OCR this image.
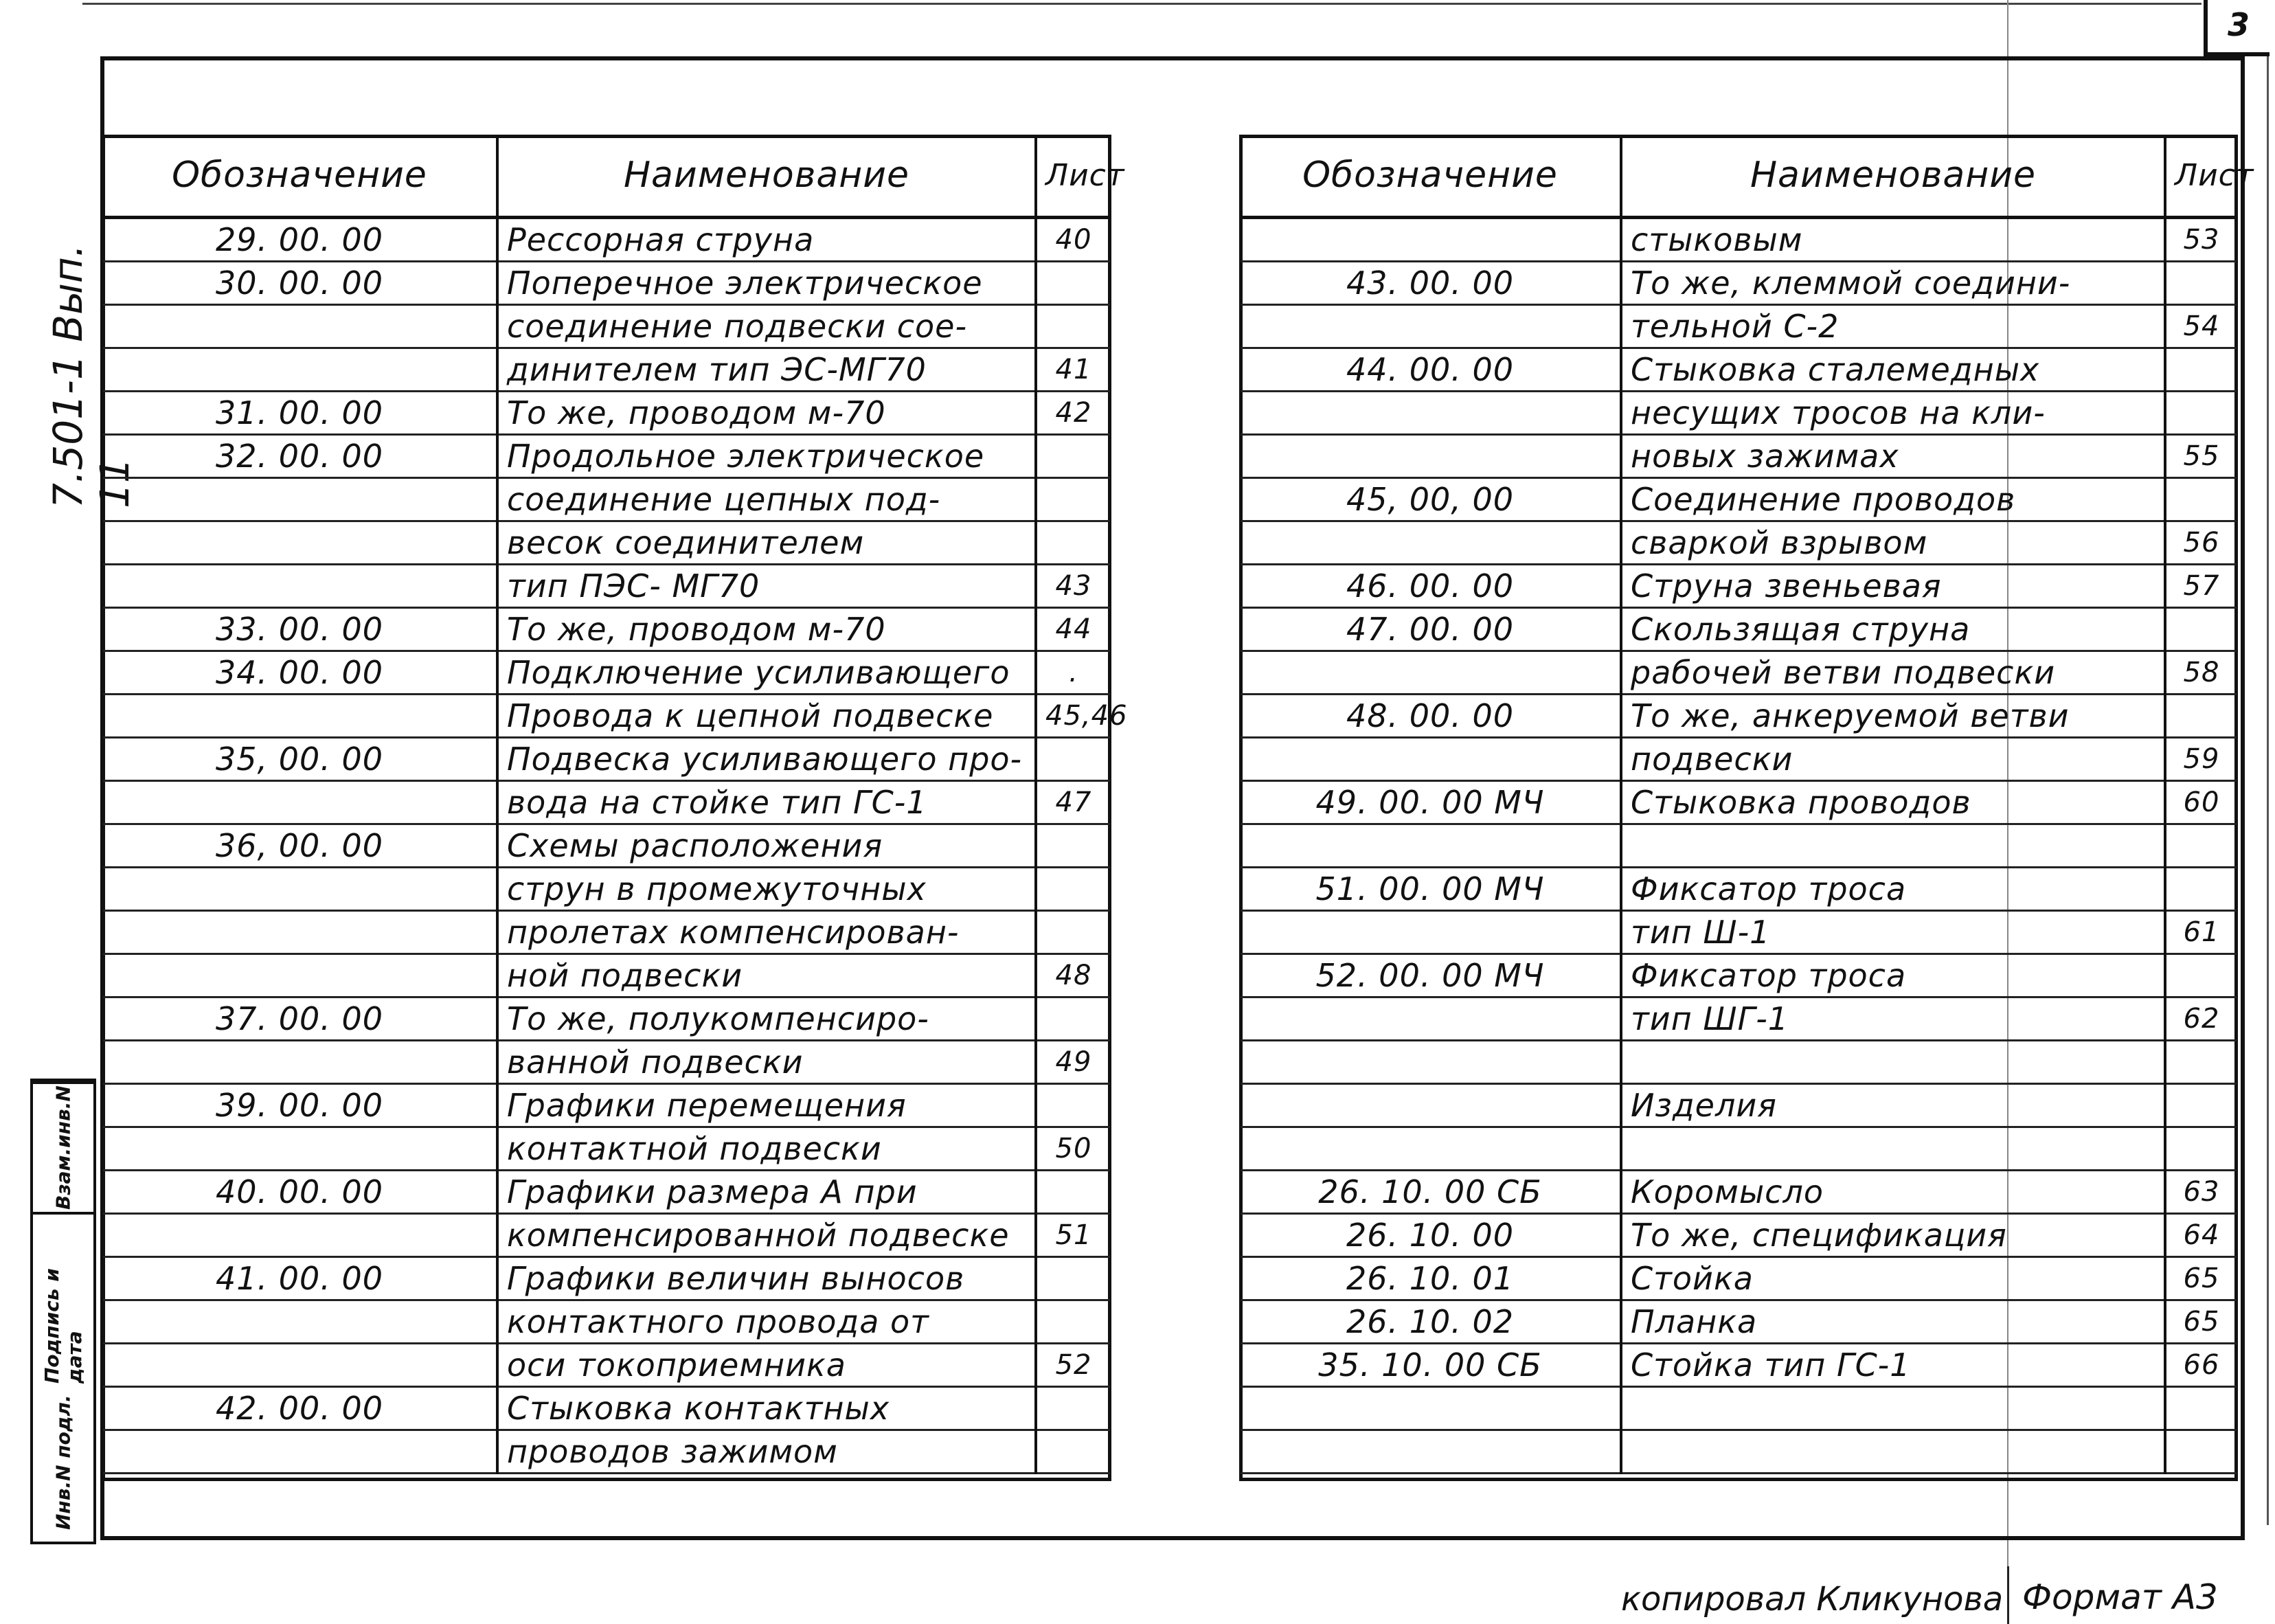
3
7.501-1 Вып. 11
Взам.инв.N
Подпись и дата
Инв.N подл.
Обозначение	Наименование	Лист
29. 00. 00	Рессорная струна	40
30. 00. 00	Поперечное электрическое	
	соединение подвески сое-	
	динителем тип ЭС-МГ70	41
31. 00. 00	То же, проводом м-70	42
32. 00. 00	Продольное электрическое	
	соединение цепных под-	
	весок соединителем	
	тип ПЭС- МГ70	43
33. 00. 00	То же, проводом м-70	44
34. 00. 00	Подключение усиливающего	.
	Провода к цепной подвеске	45,46
35, 00. 00	Подвеска усиливающего про-	
	вода на стойке тип ГС-1	47
36, 00. 00	Схемы расположения	
	струн в промежуточных	
	пролетах компенсирован-	
	ной подвески	48
37. 00. 00	То же, полукомпенсиро-	
	ванной подвески	49
39. 00. 00	Графики перемещения	
	контактной подвески	50
40. 00. 00	Графики размера А при	
	компенсированной подвеске	51
41. 00. 00	Графики величин выносов	
	контактного провода от	
	оси токоприемника	52
42. 00. 00	Стыковка контактных	
	проводов зажимом	
Обозначение	Наименование	Лист
	стыковым	53
43. 00. 00	То же, клеммой соедини-	
	тельной С-2	54
44. 00. 00	Стыковка сталемедных	
	несущих тросов на кли-	
	новых зажимах	55
45, 00, 00	Соединение проводов	
	сваркой взрывом	56
46. 00. 00	Струна звеньевая	57
47. 00. 00	Скользящая струна	
	рабочей ветви подвески	58
48. 00. 00	То же, анкеруемой ветви	
	подвески	59
49. 00. 00 МЧ	Стыковка проводов	60

51. 00. 00 МЧ	Фиксатор троса	
	тип Ш-1	61
52. 00. 00 МЧ	Фиксатор троса	
	тип ШГ-1	62

	Изделия	

26. 10. 00 СБ	Коромысло	63
26. 10. 00	То же, спецификация	64
26. 10. 01	Стойка	65
26. 10. 02	Планка	65
35. 10. 00 СБ	Стойка тип ГС-1	66

копировал Кликунова Формат А3
